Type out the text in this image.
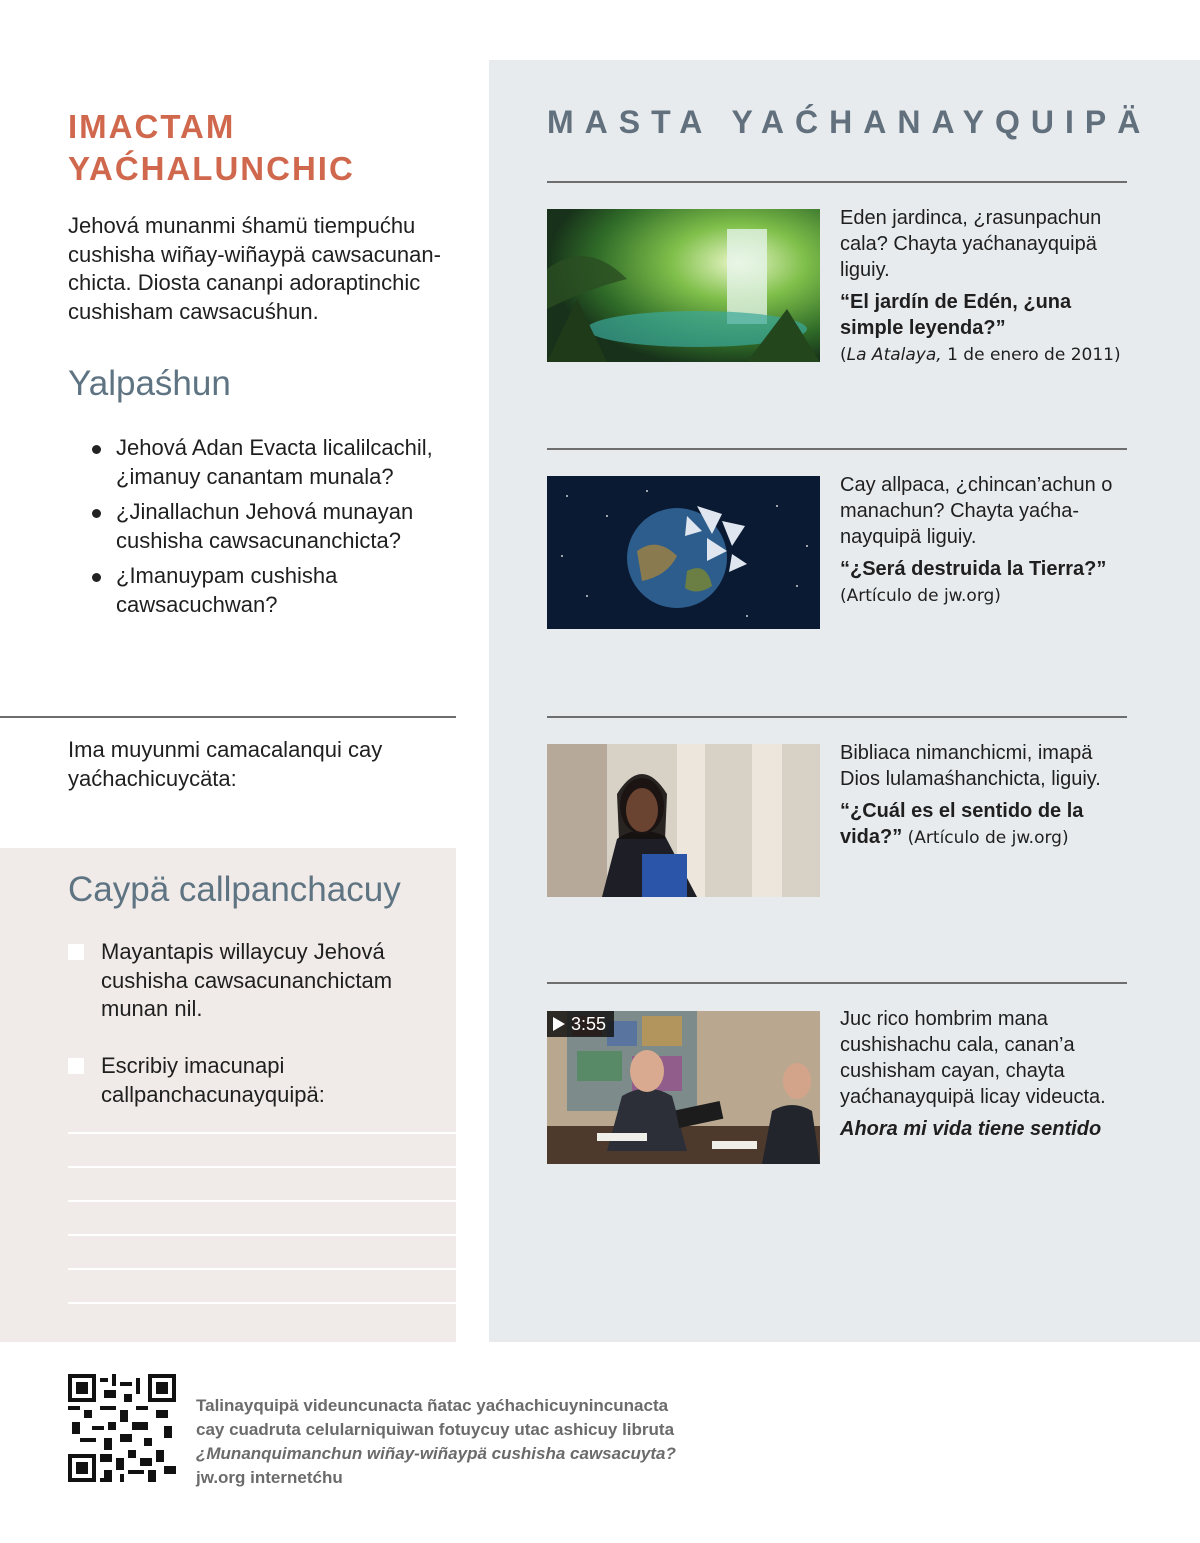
IMACTAM
YAĆHALUNCHIC

Jehová munanmi śhamü tiempućhu cushisha wiñay-wiñaypä cawsacunanchicta. Diosta cananpi adoraptinchic cushisham cawsacuśhun.

Yalpaśhun
Jehová Adan Evacta licalilcachil, ¿imanuy canantam munala?
¿Jinallachun Jehová munayan cushisha cawsacunanchicta?
¿Imanuypam cushisha cawsacuchwan?

Ima muyunmi camacalanqui cay yaćhachicuycäta:

Caypä callpanchacuy
Mayantapis willaycuy Jehová cushisha cawsacunanchictam munan nil.
Escribiy imacunapi callpanchacunayquipä:
MASTA YAĆHANAYQUIPÄ

Eden jardinca, ¿rasunpachun cala? Chayta yaćhanayquipä liguiy.
“El jardín de Edén, ¿una simple leyenda?”
(La Atalaya, 1 de enero de 2011)

Cay allpaca, ¿chincan’achun o manachun? Chayta yaćhanayquipä liguiy.
“¿Será destruida la Tierra?”
(Artículo de jw.org)

Bibliaca nimanchicmi, imapä Dios lulamaśhanchicta, liguiy.
“¿Cuál es el sentido de la vida?” (Artículo de jw.org)

3:55	Juc rico hombrim mana cushishachu cala, canan’a cushisham cayan, chayta yaćhanayquipä licay videucta.
Ahora mi vida tiene sentido

Talinayquipä videuncunacta ñatac yaćhachicuynincunacta
cay cuadruta celularniquiwan fotuycuy utac ashicuy libruta
¿Munanquimanchun wiñay-wiñaypä cushisha cawsacuyta?
jw.org internetćhu
